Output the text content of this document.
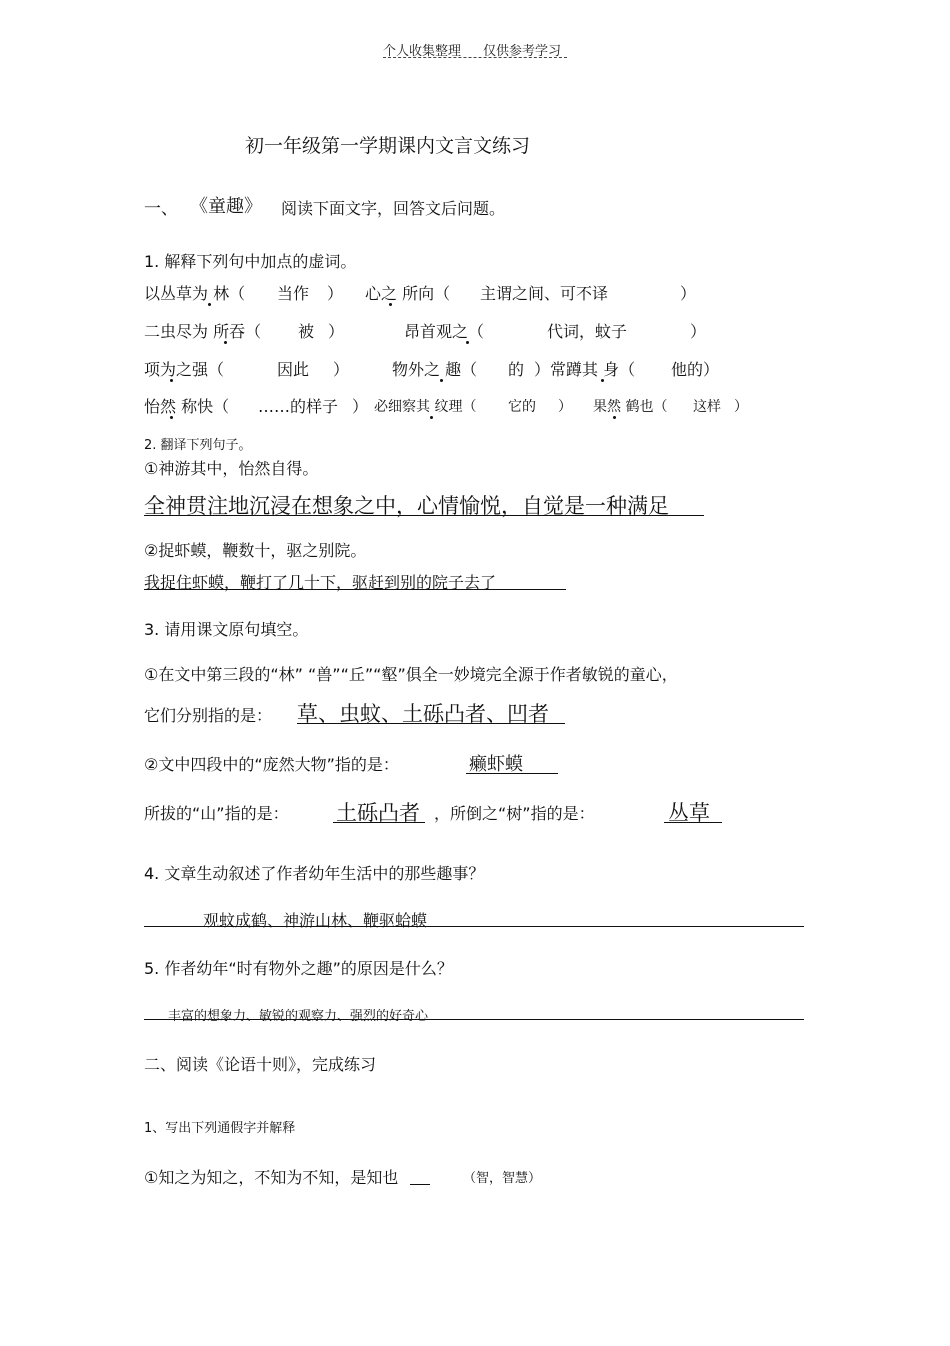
个人收集整理 仅供参考学习
初一年级第一学期课内文言文练习
一、 《童趣》 阅读下面文字，回答文后问题。
1. 解释下列句中加点的虚词。
以丛草为 林（ 当作 ） 心之 所向（ 主谓之间、可不译	）
二虫尽为 所吞（ 被 ）	昂首观之（	代词，蚊子	）
项为之强（	因此 ）	物外之 趣（ 的 ）常蹲其 身（ 他的）
怡然 称快（ ……的样子 ） 必细察其 纹理（ 它的 ） 果然 鹤也（ 这样 ）
2. 翻译下列句子。
①神游其中，怡然自得。
全神贯注地沉浸在想象之中，心情愉悦，自觉是一种满足
②捉虾蟆，鞭数十，驱之别院。
我捉住虾蟆，鞭打了几十下，驱赶到别的院子去了
3. 请用课文原句填空。
①在文中第三段的“林” “兽”“丘”“壑”俱全一妙境完全源于作者敏锐的童心，
它们分别指的是： 草、虫蚊、土砾凸者、凹者
②文中四段中的“庞然大物”指的是：	癞虾蟆
所拔的“山”指的是： 土砾凸者 ，所倒之“树”指的是：	丛草
4. 文章生动叙述了作者幼年生活中的那些趣事？
观蚊成鹤、神游山林、鞭驱蛤蟆
5. 作者幼年“时有物外之趣”的原因是什么？
丰富的想象力、敏锐的观察力、强烈的好奇心
二、阅读《论语十则》，完成练习
1、写出下列通假字并解释
①知之为知之，不知为不知，是知也	（智，智慧）
